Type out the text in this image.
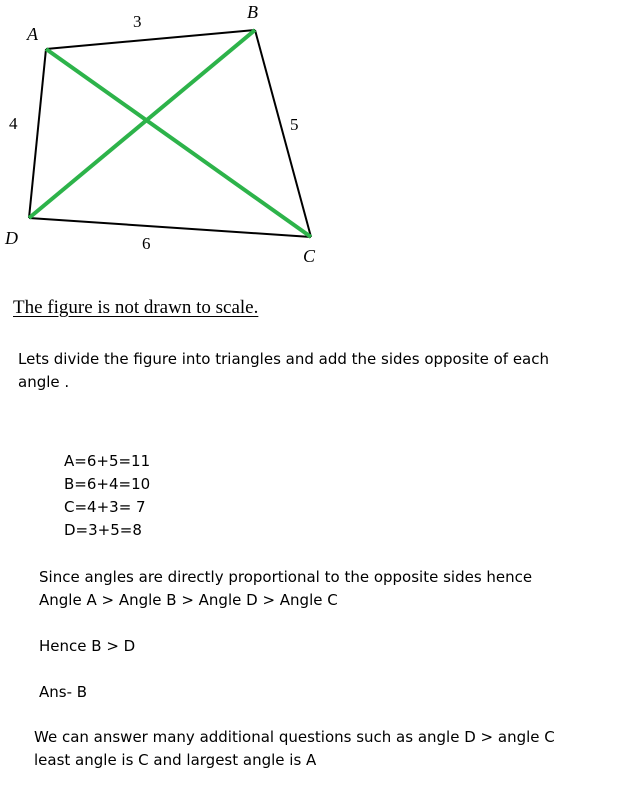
A
B
C
D
3
5
6
4
The figure is not drawn to scale.

Lets divide the figure into triangles and add the sides opposite of each

angle .

A=6+5=11

B=6+4=10

C=4+3= 7

D=3+5=8

Since angles are directly proportional to the opposite sides hence

Angle A > Angle B > Angle D > Angle C

Hence B > D

Ans- B

We can answer many additional questions such as angle D > angle C

least angle is C and largest angle is A
